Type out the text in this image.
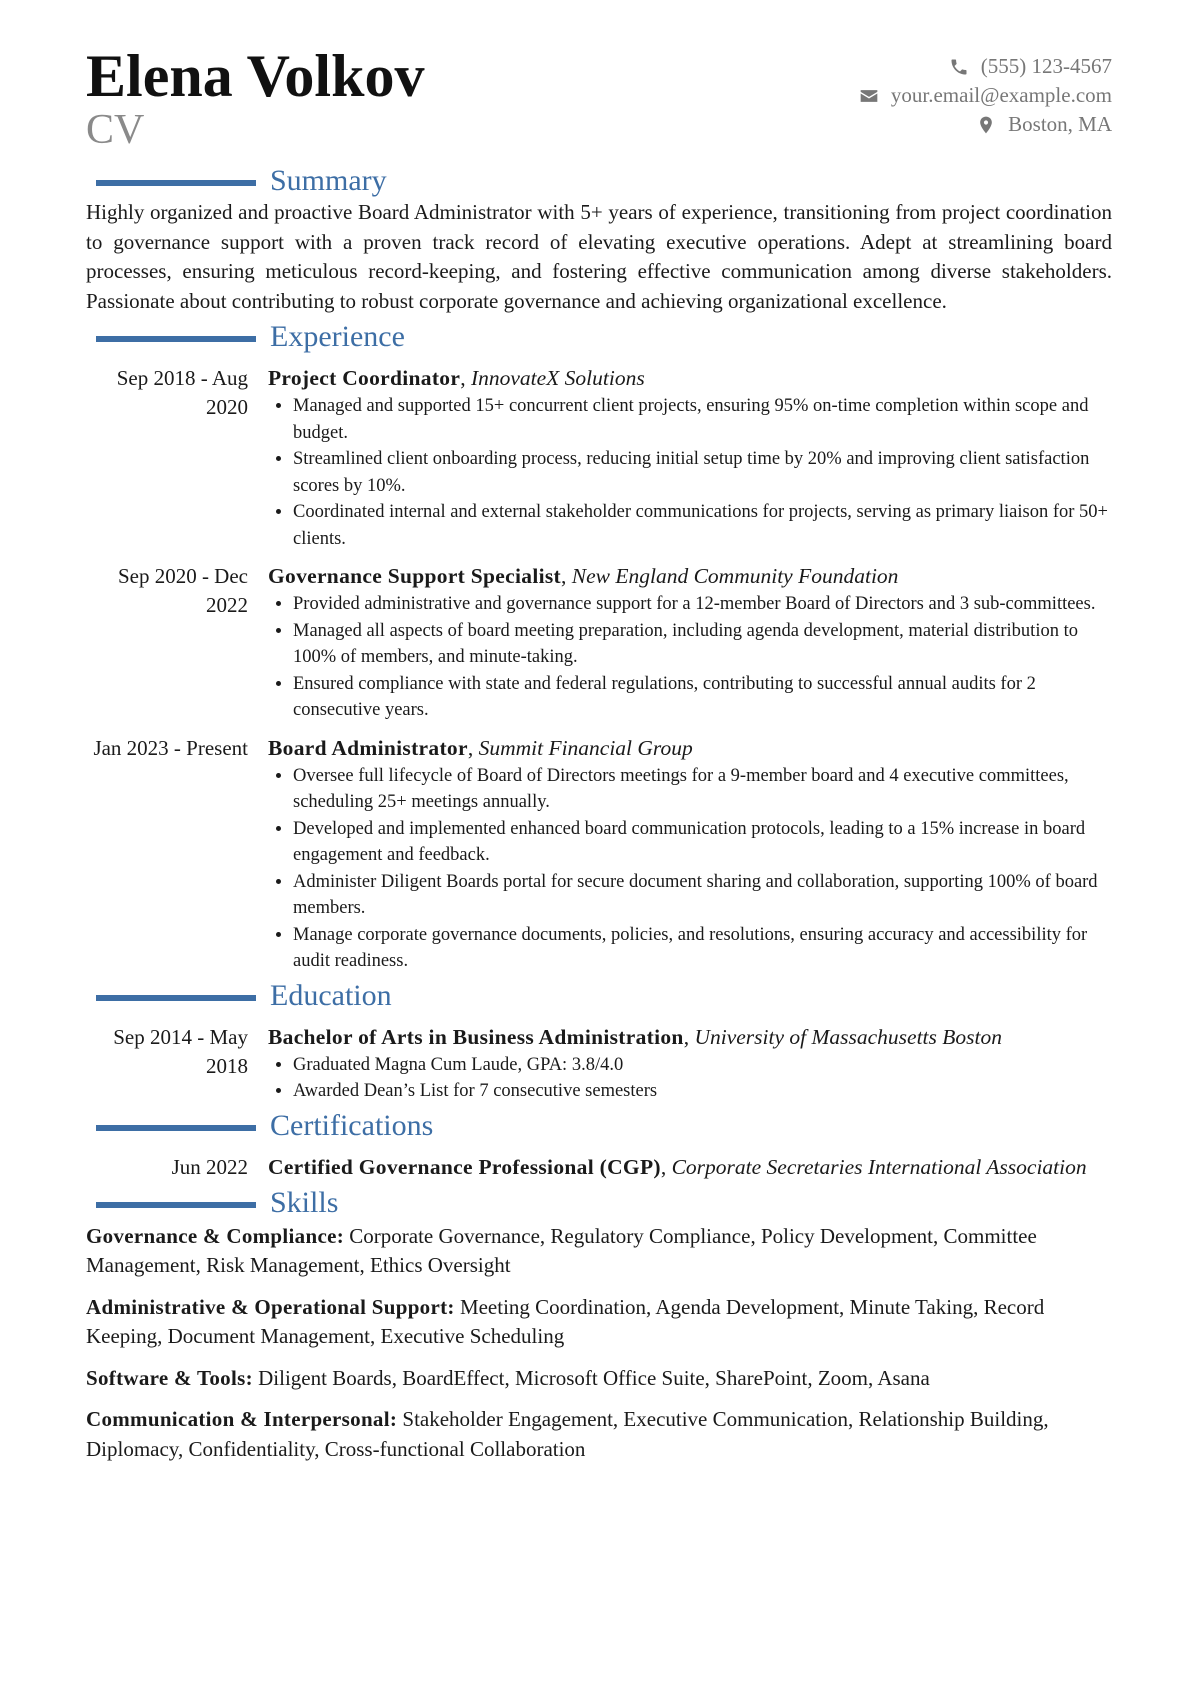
Elena Volkov
CV
(555) 123-4567
your.email@example.com
Boston, MA
Summary

Highly organized and proactive Board Administrator with 5+ years of experience, transitioning from project coordination to governance support with a proven track record of elevating executive operations. Adept at streamlining board processes, ensuring meticulous record-keeping, and fostering effective communication among diverse stakeholders. Passionate about contributing to robust corporate governance and achieving organizational excellence.

Experience
Sep 2018 - Aug 2020
Project Coordinator, InnovateX Solutions
• Managed and supported 15+ concurrent client projects, ensuring 95% on-time completion within scope and budget.
• Streamlined client onboarding process, reducing initial setup time by 20% and improving client satisfaction scores by 10%.
• Coordinated internal and external stakeholder communications for projects, serving as primary liaison for 50+ clients.
Sep 2020 - Dec 2022
Governance Support Specialist, New England Community Foundation
• Provided administrative and governance support for a 12-member Board of Directors and 3 sub-committees.
• Managed all aspects of board meeting preparation, including agenda development, material distribution to 100% of members, and minute-taking.
• Ensured compliance with state and federal regulations, contributing to successful annual audits for 2 consecutive years.
Jan 2023 - Present Board Administrator, Summit Financial Group
• Oversee full lifecycle of Board of Directors meetings for a 9-member board and 4 executive committees, scheduling 25+ meetings annually.
• Developed and implemented enhanced board communication protocols, leading to a 15% increase in board engagement and feedback.
• Administer Diligent Boards portal for secure document sharing and collaboration, supporting 100% of board members.
• Manage corporate governance documents, policies, and resolutions, ensuring accuracy and accessibility for audit readiness.
Education
Sep 2014 - May 2018
Bachelor of Arts in Business Administration, University of Massachusetts Boston
• Graduated Magna Cum Laude, GPA: 3.8/4.0
• Awarded Dean’s List for 7 consecutive semesters
Certifications
Jun 2022 Certified Governance Professional (CGP), Corporate Secretaries International Association
Skills

Governance & Compliance: Corporate Governance, Regulatory Compliance, Policy Development, Committee Management, Risk Management, Ethics Oversight

Administrative & Operational Support: Meeting Coordination, Agenda Development, Minute Taking, Record Keeping, Document Management, Executive Scheduling

Software & Tools: Diligent Boards, BoardEffect, Microsoft Office Suite, SharePoint, Zoom, Asana

Communication & Interpersonal: Stakeholder Engagement, Executive Communication, Relationship Building, Diplomacy, Confidentiality, Cross-functional Collaboration
